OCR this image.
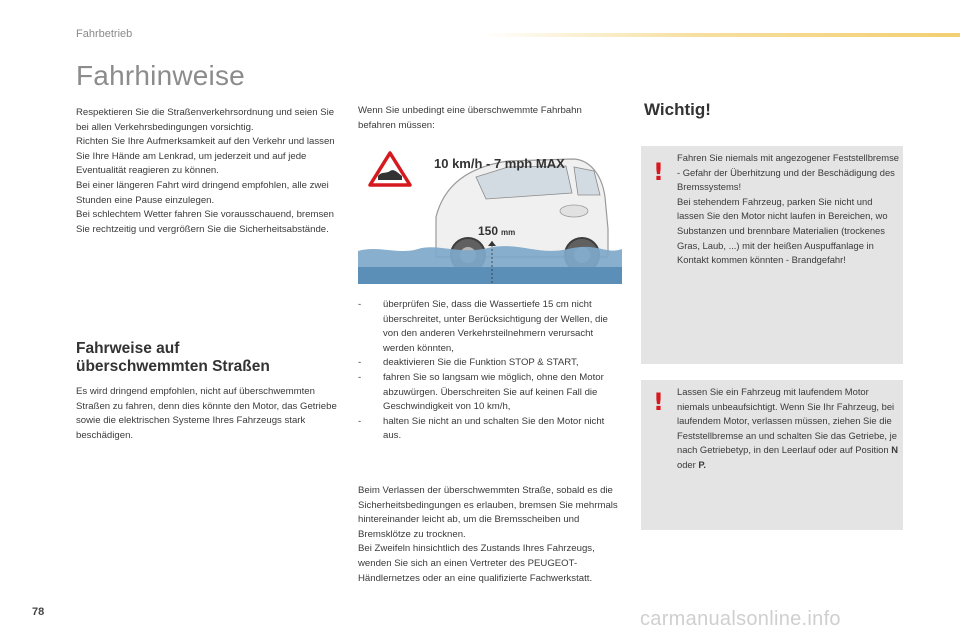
Fahrbetrieb
Fahrhinweise

Respektieren Sie die Straßenverkehrsordnung und seien Sie bei allen Verkehrsbedingungen vorsichtig.

Richten Sie Ihre Aufmerksamkeit auf den Verkehr und lassen Sie Ihre Hände am Lenkrad, um jederzeit und auf jede Eventualität reagieren zu können.

Bei einer längeren Fahrt wird dringend empfohlen, alle zwei Stunden eine Pause einzulegen.

Bei schlechtem Wetter fahren Sie vorausschauend, bremsen Sie rechtzeitig und vergrößern Sie die Sicherheitsabstände.

Fahrweise auf
überschwemmten Straßen

Es wird dringend empfohlen, nicht auf überschwemmten Straßen zu fahren, denn dies könnte den Motor, das Getriebe sowie die elektrischen Systeme Ihres Fahrzeugs stark beschädigen.

Wenn Sie unbedingt eine überschwemmte Fahrbahn befahren müssen:

150 mm
10 km/h - 7 mph MAX
- überprüfen Sie, dass die Wassertiefe 15 cm nicht überschreitet, unter Berücksichtigung der Wellen, die von den anderen Verkehrsteilnehmern verursacht werden könnten,
- deaktivieren Sie die Funktion STOP & START,
- fahren Sie so langsam wie möglich, ohne den Motor abzuwürgen. Überschreiten Sie auf keinen Fall die Geschwindigkeit von 10 km/h,
- halten Sie nicht an und schalten Sie den Motor nicht aus.

Beim Verlassen der überschwemmten Straße, sobald es die Sicherheitsbedingungen es erlauben, bremsen Sie mehrmals hintereinander leicht ab, um die Bremsscheiben und Bremsklötze zu trocknen.

Bei Zweifeln hinsichtlich des Zustands Ihres Fahrzeugs, wenden Sie sich an einen Vertreter des PEUGEOT-Händlernetzes oder an eine qualifizierte Fachwerkstatt.

Wichtig!
!

Fahren Sie niemals mit angezogener Feststellbremse - Gefahr der Überhitzung und der Beschädigung des Bremssystems!

Bei stehendem Fahrzeug, parken Sie nicht und lassen Sie den Motor nicht laufen in Bereichen, wo Substanzen und brennbare Materialien (trockenes Gras, Laub, ...) mit der heißen Auspuffanlage in Kontakt kommen könnten - Brandgefahr!

! Lassen Sie ein Fahrzeug mit laufendem Motor niemals unbeaufsichtigt. Wenn Sie Ihr Fahrzeug, bei laufendem Motor, verlassen müssen, ziehen Sie die Feststellbremse an und schalten Sie das Getriebe, je nach Getriebetyp, in den Leerlauf oder auf Position N oder P.

78	carmanualsonline.info
